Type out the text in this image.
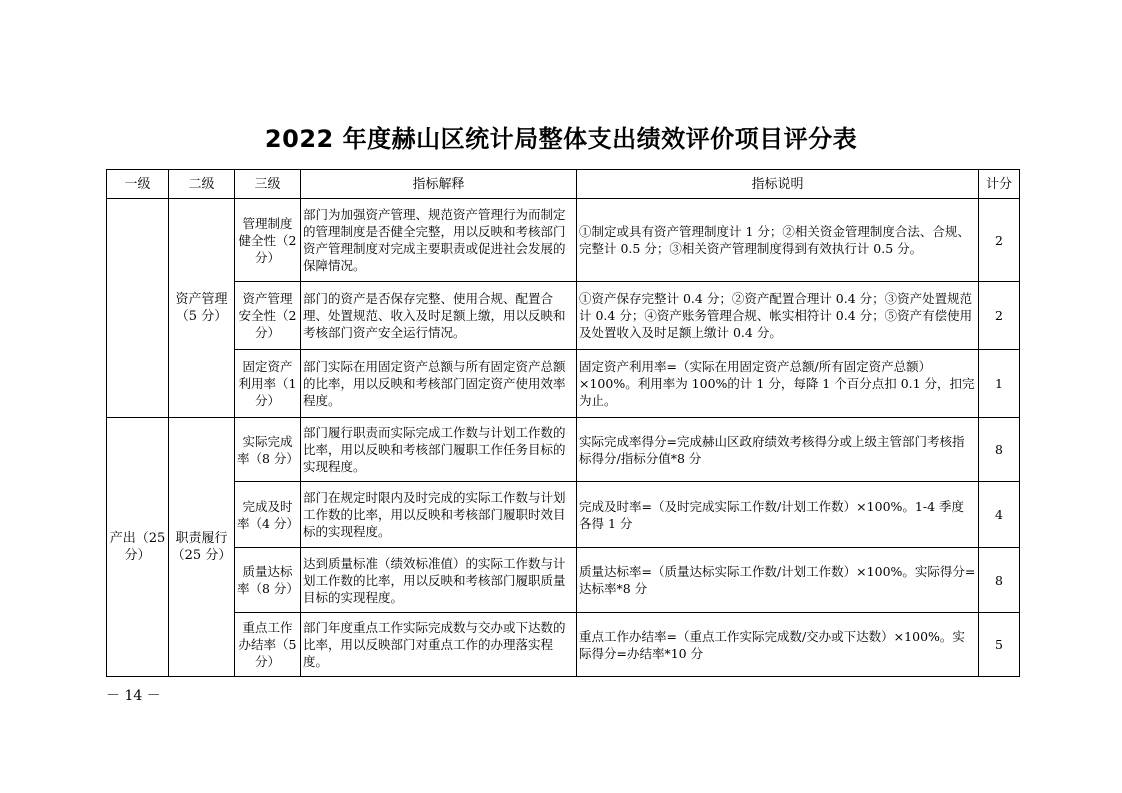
2022 年度赫山区统计局整体支出绩效评价项目评分表
一级	二级	三级	指标解释	指标说明	计分
	资产管理（5 分）	管理制度健全性（2 分）	部门为加强资产管理、规范资产管理行为而制定的管理制度是否健全完整，用以反映和考核部门资产管理制度对完成主要职责或促进社会发展的保障情况。	①制定或具有资产管理制度计 1 分；②相关资金管理制度合法、合规、完整计 0.5 分；③相关资产管理制度得到有效执行计 0.5 分。	2
		资产管理安全性（2 分）	部门的资产是否保存完整、使用合规、配置合理、处置规范、收入及时足额上缴，用以反映和考核部门资产安全运行情况。	①资产保存完整计 0.4 分；②资产配置合理计 0.4 分；③资产处置规范计 0.4 分；④资产账务管理合规、帐实相符计 0.4 分；⑤资产有偿使用及处置收入及时足额上缴计 0.4 分。	2
		固定资产利用率（1 分）	部门实际在用固定资产总额与所有固定资产总额的比率，用以反映和考核部门固定资产使用效率程度。	固定资产利用率=（实际在用固定资产总额/所有固定资产总额）×100%。利用率为 100%的计 1 分，每降 1 个百分点扣 0.1 分，扣完为止。	1
产出（25 分）	职责履行（25 分）	实际完成率（8 分）	部门履行职责而实际完成工作数与计划工作数的比率，用以反映和考核部门履职工作任务目标的实现程度。	实际完成率得分=完成赫山区政府绩效考核得分或上级主管部门考核指标得分/指标分值*8 分	8
		完成及时率（4 分）	部门在规定时限内及时完成的实际工作数与计划工作数的比率，用以反映和考核部门履职时效目标的实现程度。	完成及时率=（及时完成实际工作数/计划工作数）×100%。1-4 季度各得 1 分	4
		质量达标率（8 分）	达到质量标准（绩效标准值）的实际工作数与计划工作数的比率，用以反映和考核部门履职质量目标的实现程度。	质量达标率=（质量达标实际工作数/计划工作数）×100%。实际得分=达标率*8 分	8
		重点工作办结率（5 分）	部门年度重点工作实际完成数与交办或下达数的比率，用以反映部门对重点工作的办理落实程度。	重点工作办结率=（重点工作实际完成数/交办或下达数）×100%。实际得分=办结率*10 分	5
－ 14 －
